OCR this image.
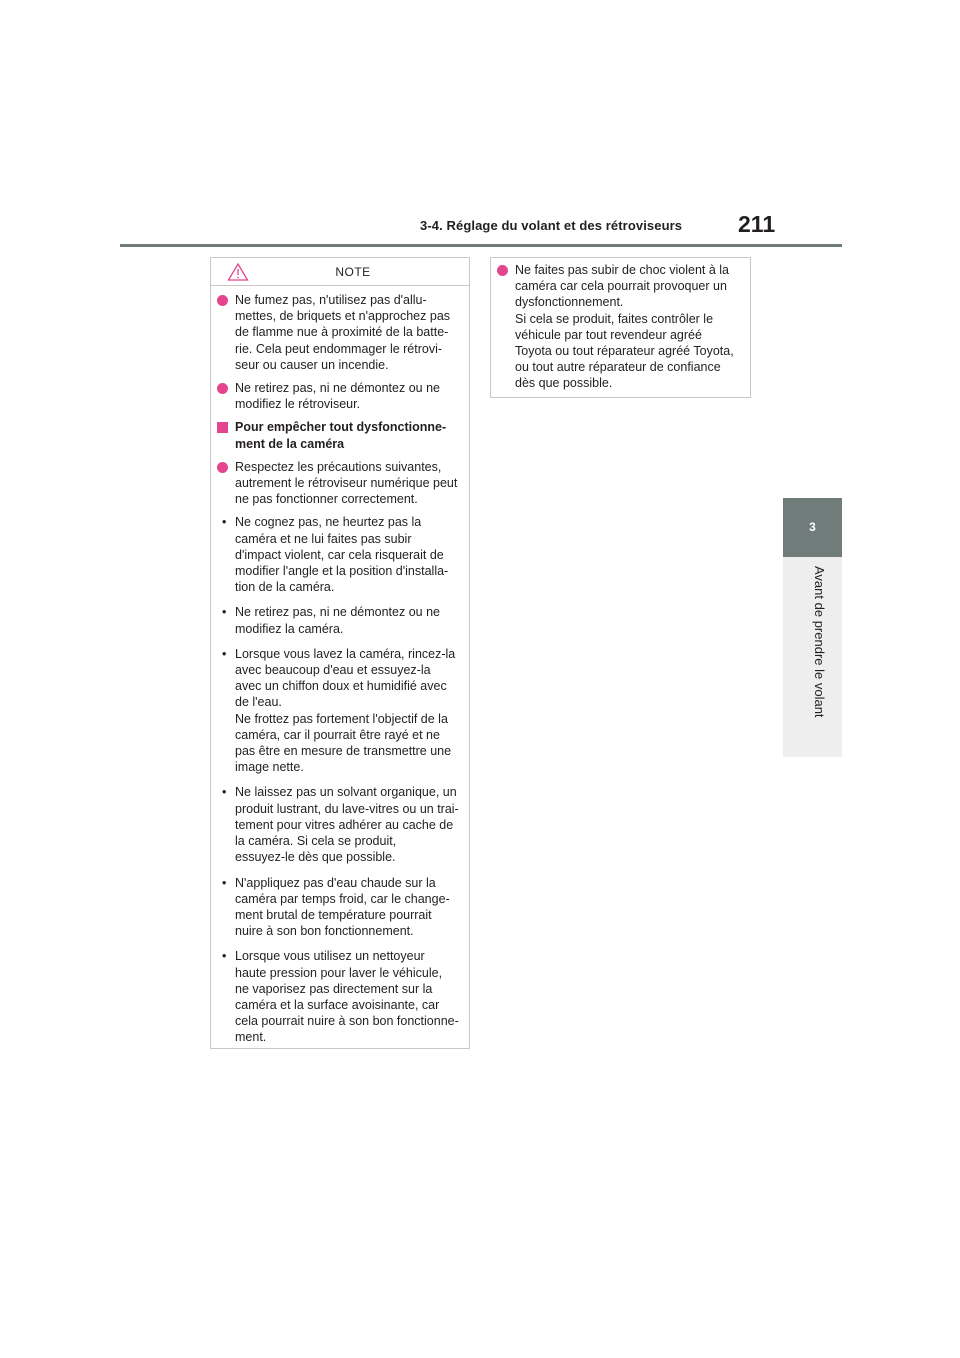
3-4. Réglage du volant et des rétroviseurs 211
3
Avant de prendre le volant
NOTE
Ne fumez pas, n'utilisez pas d'allu-
mettes, de briquets et n'approchez pas
de flamme nue à proximité de la batte-
rie. Cela peut endommager le rétrovi-
seur ou causer un incendie.
Ne retirez pas, ni ne démontez ou ne
modifiez le rétroviseur.
Pour empêcher tout dysfonctionne-
ment de la caméra
Respectez les précautions suivantes,
autrement le rétroviseur numérique peut
ne pas fonctionner correctement.
• Ne cognez pas, ne heurtez pas la
caméra et ne lui faites pas subir
d'impact violent, car cela risquerait de
modifier l'angle et la position d'installa-
tion de la caméra.
• Ne retirez pas, ni ne démontez ou ne
modifiez la caméra.
• Lorsque vous lavez la caméra, rincez-la
avec beaucoup d'eau et essuyez-la
avec un chiffon doux et humidifié avec
de l'eau.
Ne frottez pas fortement l'objectif de la
caméra, car il pourrait être rayé et ne
pas être en mesure de transmettre une
image nette.
• Ne laissez pas un solvant organique, un
produit lustrant, du lave-vitres ou un trai-
tement pour vitres adhérer au cache de
la caméra. Si cela se produit,
essuyez-le dès que possible.
• N'appliquez pas d'eau chaude sur la
caméra par temps froid, car le change-
ment brutal de température pourrait
nuire à son bon fonctionnement.
• Lorsque vous utilisez un nettoyeur
haute pression pour laver le véhicule,
ne vaporisez pas directement sur la
caméra et la surface avoisinante, car
cela pourrait nuire à son bon fonctionne-
ment.
Ne faites pas subir de choc violent à la
caméra car cela pourrait provoquer un
dysfonctionnement.
Si cela se produit, faites contrôler le
véhicule par tout revendeur agréé
Toyota ou tout réparateur agréé Toyota,
ou tout autre réparateur de confiance
dès que possible.
